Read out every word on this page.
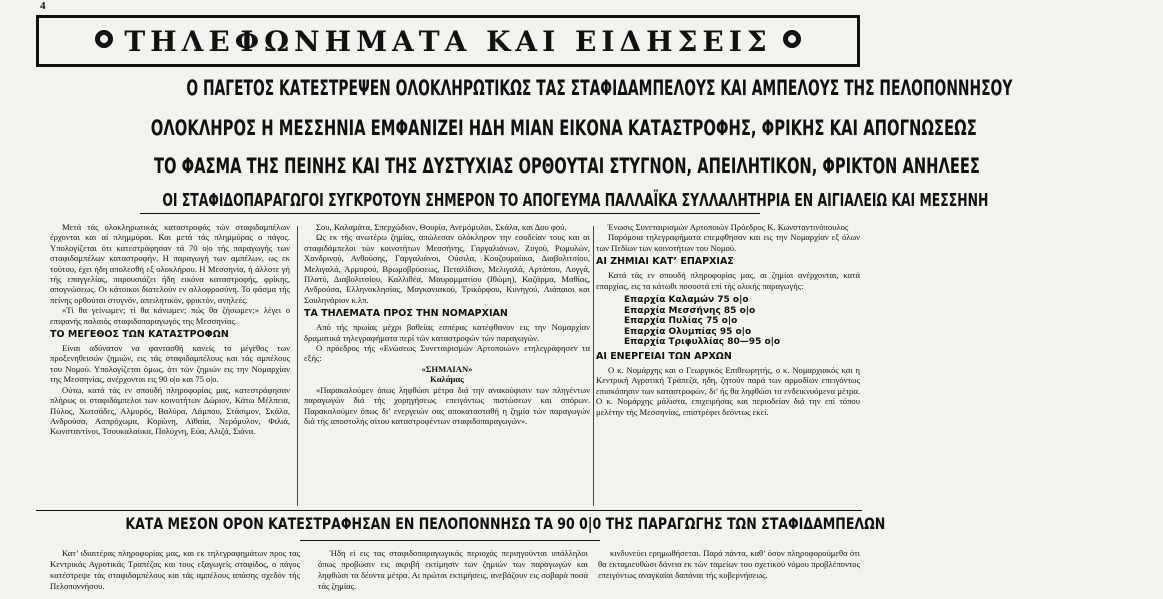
4
ΤΗΛΕΦΩΝΗΜΑΤΑ ΚΑΙ ΕΙΔΗΣΕΙΣ
Ο ΠΑΓΕΤΟΣ ΚΑΤΕΣΤΡΕΨΕΝ ΟΛΟΚΛΗΡΩΤΙΚΩΣ ΤΑΣ ΣΤΑΦΙΔΑΜΠΕΛΟΥΣ ΚΑΙ ΑΜΠΕΛΟΥΣ ΤΗΣ ΠΕΛΟΠΟΝΝΗΣΟΥ
ΟΛΟΚΛΗΡΟΣ Η ΜΕΣΣΗΝΙΑ ΕΜΦΑΝΙΖΕΙ ΗΔΗ ΜΙΑΝ ΕΙΚΟΝΑ ΚΑΤΑΣΤΡΟΦΗΣ, ΦΡΙΚΗΣ ΚΑΙ ΑΠΟΓΝΩΣΕΩΣ
ΤΟ ΦΑΣΜΑ ΤΗΣ ΠΕΙΝΗΣ ΚΑΙ ΤΗΣ ΔΥΣΤΥΧΙΑΣ ΟΡΘΟΥΤΑΙ ΣΤΥΓΝΟΝ, ΑΠΕΙΛΗΤΙΚΟΝ, ΦΡΙΚΤΟΝ ΑΝΗΛΕΕΣ
ΟΙ ΣΤΑΦΙΔΟΠΑΡΑΓΩΓΟΙ ΣΥΓΚΡΟΤΟΥΝ ΣΗΜΕΡΟΝ ΤΟ ΑΠΟΓΕΥΜΑ ΠΑΛΛΑΪΚΑ ΣΥΛΛΑΛΗΤΗΡΙΑ ΕΝ ΑΙΓΙΑΛΕΙΩ ΚΑΙ ΜΕΣΣΗΝΗ

Μετά τάς ολοκληρωτικάς καταστροφάς τών σταφιδαμπέλων έρχονται και αί πλημμύραι. Και μετά τάς πλημμύρας ο πάγος. Υπολογίζεται ότι κατεστράφησαν τά 70 ο|ο τής παραγωγής των σταφιδαμπέλων καταστροφήν. Η παραγωγή των αμπέλων, ως εκ τούτου, έχει ήδη απολεσθή εξ ολοκλήρου. Η Μεσσηνία, ή άλλοτε γή τής επαγγελίας, παρουσιάζει ήδη εικόνα καταστροφής, φρίκης, απογνώσεως. Οι κάτοικοι διατελούν εν αλλοφροσύνη. Το φάσμα τής πείνης ορθούται στυγνόν, απειλητικόν, φρικτόν, ανηλεές.

«Τί θα γείνωμεν; τί θα κάνωμεν; πώς θα ζήσωμεν;» λέγει ο επιφανής παλαιός σταφιδοπαραγωγός της Μεσσηνίας.

ΤΟ ΜΕΓΕΘΟΣ ΤΩΝ ΚΑΤΑΣΤΡΟΦΩΝ

Είναι αδύνατον να φαντασθή κανείς το μέγεθος των προξενηθεισών ζημιών, εις τάς σταφιδαμπέλους και τάς αμπέλους του Νομού. Υπολογίζεται όμως, ότι τών ζημιών εις την Νομαρχίαν της Μεσσηνίας, ανέρχονται εις 90 ο|ο και 75 ο|ο.

Ούτω, κατά τάς εν σπουδή πληροφορίας μας, κατεστράφησαν πλήρως οι σταφιδάμπελοι των κοινοτήτων Δώριον, Κάτω Μέλπεια, Πύλος, Χωτσάδες, Αλμυρός, Βαλύρα, Λάμπου, Στάσιμον, Σκάλα, Ανδρούσα, Ασπρόχωμα, Κορώνη, Αϊθαία, Νερόμυλον, Φιλιά, Κωνσταντίνοι, Τσουκαλαίικα, Πολύχνη, Εύα, Αλιζά, Σιάνα.

Σου, Καλαμάτα, Σπερχώδιον, Θουρία, Ανεμόμυλοι, Σκάλα, και Δου φού.

Ως εκ τής ανωτέρω ζημίας, απώλεσαν ολόκληρον την εσοδείαν τους και αι σταφιδάμπελοι τών κοινοτήτων Μεσσήνης, Γαργαλιάνων, Ζυγού, Ρωμυλών, Χανδρινού, Ανθούσης, Γαργαλιάνοι, Ούσιλα, Κουζουραίικα, Διαβολιτσίου, Μελιγαλά, Άρμυρού, Βρωμοβρύσεως, Πεταλίδιον, Μελιγαλά, Αρτάπου, Λογγά, Πλατύ, Διαβολιτσίου, Καλλιθέα, Μαυρομματίου (Ιθώμη), Καζάρμα, Μαθίας, Ανδρούσα, Ελληνοκλησίας, Μαγκανιακού, Τρικόρφου, Κυνηγού, Λιάπαιοι και Σουληνάριον κ.λπ.

ΤΑ ΤΗΛΕΜΑΤΑ ΠΡΟΣ ΤΗΝ ΝΟΜΑΡΧΙΑΝ

Από τής πρωίας μέχρι βαθείας εσπέρας κατέφθανον εις την Νομαρχίαν δραματικά τηλεγραφήματα περί τών καταστροφών τών παραγωγών.

Ο πρόεδρος τής «Ενώσεως Συνεταιρισμών Αρτοποιών» ετηλεγράφησεν τα εξής:

«ΣΗΜΑΙΑΝ»

Καλάμας

«Παρακαλούμεν όπως ληφθώσι μέτρα διά την ανακούφισιν των πληγέντων παραγωγών διά τής χορηγήσεως επειγόντως πιστώσεων και σπόρων. Παρακαλούμεν όπως δι’ ενεργειών σας αποκατασταθή η ζημία τών παραγωγών διά τής αποστολής σίτου καταστροφέντων σταφιδοπαραγωγών».

Ένωσις Συνεταιρισμών Αρτοποιών Πρόεδρος Κ. Κωνσταντινόπουλος

Παρόμοια τηλεγραφήματα επεμφθησαν και εις την Νομαρχίαν εξ όλων των Πεδίων των κοινοτήτων του Νομού.

ΑΙ ΖΗΜΙΑΙ ΚΑΤ’ ΕΠΑΡΧΙΑΣ

Κατά τάς εν σπουδή πληροφορίας μας, αι ζημίαι ανέρχονται, κατά επαρχίας, εις τα κάτωθι ποσοστά επί τής ολικής παραγωγής:

Επαρχία Καλαμών 75 ο|ο
Επαρχία Μεσσήνης 85 ο|ο
Επαρχία Πυλίας 75 ο|ο
Επαρχία Ολυμπίας 95 ο|ο
Επαρχία Τριφυλλίας 80—95 ο|ο

ΑΙ ΕΝΕΡΓΕΙΑΙ ΤΩΝ ΑΡΧΩΝ

Ο κ. Νομάρχης και ο Γεωργικός Επιθεωρητής, ο κ. Νομαρχιακός και η Κεντρική Αγροτική Τράπεζα, ηδη, ζητούν παρά των αρμοδίων επειγόντως επισκόπησιν των καταστροφών, δι’ ής θα ληφθώσι τα ενδεικνυόμενα μέτρα. Ο κ. Νομάρχης μάλιστα, επιχειρήσας και περιοδείαν διά την επί τόπου μελέτην τής Μεσσηνίας, επιστρέφει δεόντως εκεί.

ΚΑΤΑ ΜΕΣΟΝ ΟΡΟΝ ΚΑΤΕΣΤΡΑΦΗΣΑΝ ΕΝ ΠΕΛΟΠΟΝΝΗΣΩ ΤΑ 90 0|0 ΤΗΣ ΠΑΡΑΓΩΓΗΣ ΤΩΝ ΣΤΑΦΙΔΑΜΠΕΛΩΝ

Κατ’ ιδιαιτέρας πληροφορίας μας, και εκ τηλεγραφημάτων προς τας Κεντρικάς Αγροτικάς Τραπέζας και τους εξαγωγείς σταφίδος, ο πάγος κατέστρεψε τάς σταφιδαμπέλους και τάς αμπέλους απάσης σχεδόν τής Πελοποννήσου.

Ήδη εί εις τας σταφιδοπαραγωγικάς περιοχάς περιηγούνται υπάλληλοι όπως προβώσιν εις ακριβή εκτίμησιν των ζημιών των παραγωγών και ληφθώσι τα δέοντα μέτρα. Αι πρώται εκτιμήσεις, ανεβάζουν εις σοβαρά ποσά τάς ζημίας.

κινδυνεύει ερημωθήσεται. Παρά πάντα, καθ’ όσον πληροφορούμεθα ότι θα εκταμιευθώσι δάνεια εκ τών ταμείων του σχετικού νόμου προβλέποντος επειγόντως αναγκαίαι δαπάναι τής κυβερνήσεως.
